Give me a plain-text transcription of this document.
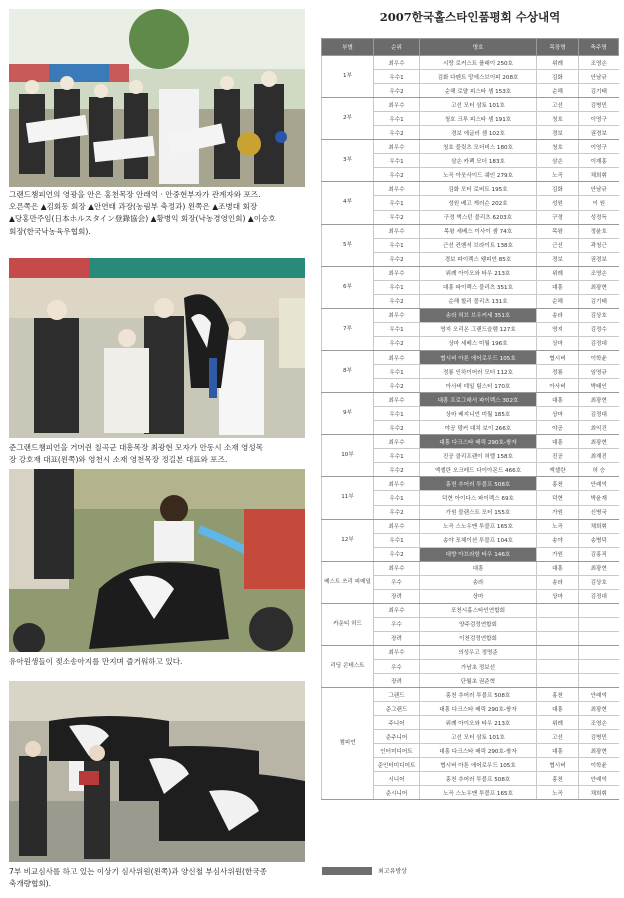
그랜드챔피언의 영광을 안은 홍천목장 안래억 · 안중현부자가 관계자와 포즈.
오른쪽은 ▲김회동 회장 ▲안연태 과장(농림부 축정과) 왼쪽은 ▲조병대 회장
▲당홍만주임(日本ホルスタイン登錄協会) ▲황병익 회장(낙농경영인회) ▲이승호
회장(한국낙농육우협회).
준그랜드챔피언을 거머쥔 칠곡군 대흥목장 최광현 모자가 안동시 소재 영성목
장 강호재 대표(왼쪽)와 영천시 소재 영천목장 정길본 대표와 포즈.
유아원생들이 젖소송아지를 만지며 즐거워하고 있다.
7부 비교심사를 하고 있는 이상기 심사위원(왼쪽)과 양신철 부심사위원(한국종
축개량협회).
2007한국홀스타인품평회 수상내역
부별	순위	명호	목장명	축주명
1부	최우수	시랑 로커스트 플래이 250호	위례	조영손
	우수1	김화 다펜트 망에스브이피 208호	김화	안남규
	우수2	순해 로얄 피스타 셈 153호	순해	김기태
2부	최우수	고선 모터 삼토 101호	고선	김병민
	우수1	청호 크루 피스타 셈 191호	청호	이영구
	우수2	경보 에글러 셈 102호	경보	권경보
3부	최우수	청호 블릿츠 모더비스 180호	청호	이영구
	우수1	삼손 카펙 모더 183호	삼손	이재홍
	우수2	노곡 아웃사이드 쉐인 279호	노곡	채희휘
4부	최우수	김화 모터 로버트 195호	김화	안남규
	우수1	성원 베고 게러슨 202호	성원	이 원
	우수2	구정 벅스턴 블리츠 6203호	구정	성정득
5부	최우수	목왕 세베스 이사이 셈 74호	목왕	정윤호
	우수1	근선 컨벤셔 브라이트 138호	근선	곽청근
	우수2	경보 파이렉스 웽피언 85호	경보	권경보
6부	최우수	위례 아이오와 타우 213호	위례	조영손
	우수1	대흥 파이렉스 블리츠 351호	대흥	최광현
	우수2	순해 할리 블리츠 131호	순해	김기태
7부	최우수	송라 허브 브우커세 351호	송라	김상호
	우수1	영지 오리온 그랜드슬램 127호	영지	김정수
	우수2	상마 세베스 미월 196호	상마	김정대
8부	최우수	협시버 아톤 에어로우드 105호	협시버	이학윤
	우수1	정룡 인하이어러 모터 112호	정룡	임영규
	우수2	아사버 데일 팀스터 170호	아사버	박태인
9부	최우수	대흥 프로그래서 파이렉스 302호	대흥	최광현
	우수1	상마 베지니언 미월 185호	상마	김정대
	우수2	야공 텡커 대치 보이 266호	야공	최익건
10부	최우수	대흥 다크스타 배릭 290호-쌍자	대흥	최광현
	우수1	진공 클리프랜이 허렐 158호	진공	최재진
	우수2	엑셀란 오크레드 다이아몬드 466호	엑셀란	허 승
11부	최우수	홍천 추어러 투블프 508호	홍천	안래억
	우수1	덕현 아이다스 파이렉스 69호	덕현	박윤재
	우수2	가원 블랜스트 모터 155호	가원	신병국
12부	최우수	노곡 스노우맨 투블프 165호	노곡	채희휘
	우수1	송야 포헤이션 투블프 104호	송야	송병덕
	우수2	대향 아브라함 타우 146호	가원	김홍직
베스트 쓰리 피메일	최우수	대흥	대흥	최광현
	우수	송라	송라	김상호
	장려	상마	상마	김정대
카운티 허드	최우수	포천시홀스타인연합회		
	우수	양주검정연합회		
	장려	이천검정연합회		
리딩 콘테스트	최우수	의성우고 정명준		
	우수	가남초 정보선		
	장려	단월초 권준혁		
챔피언	그랜드	홍천 추어러 투블프 508호	홍천	안래억
	준그랜드	대흥 다크스타 배릭 290호-쌍자	대흥	최광현
	주니어	위례 아이오와 타우 213호	위례	조영손
	준주니어	고선 모터 삼토 101호	고선	김병민
	인터미디어트	대흥 다크스타 배릭 290호-쌍자	대흥	최광현
	준인터미디어트	협시버 아톤 에어로우드 105호	협시버	이학윤
	시니어	홍천 추어러 투블프 508호	홍천	안래억
	준시니어	노곡 스노우맨 투블프 165호	노곡	채희휘
최고유방상
